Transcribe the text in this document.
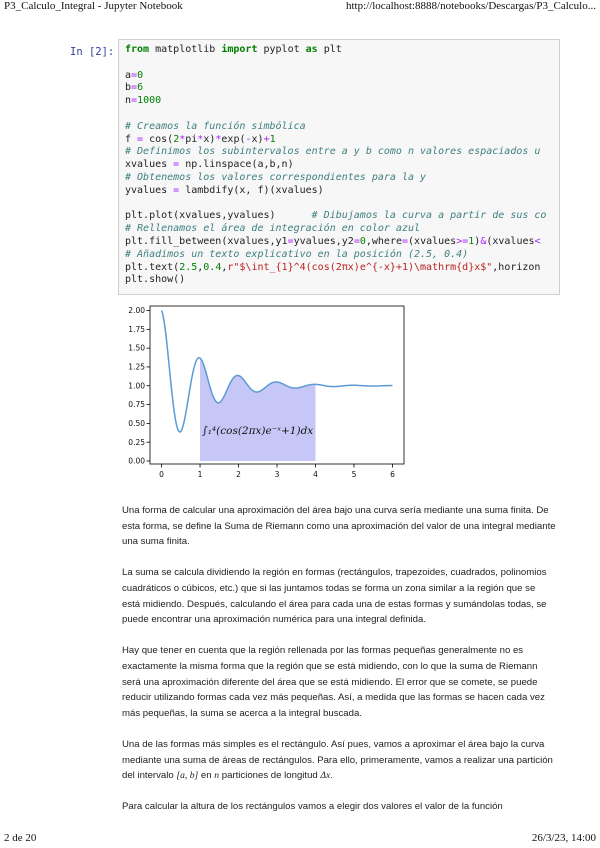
P3_Calculo_Integral - Jupyter Notebook	http://localhost:8888/notebooks/Descargas/P3_Calculo...
In [2]: from matplotlib import pyplot as plt

a=0
b=6
n=1000

# Creamos la función simbólica
f = cos(2*pi*x)*exp(-x)+1
# Definimos los subintervalos entre a y b como n valores espaciados u
xvalues = np.linspace(a,b,n)
# Obtenemos los valores correspondientes para la y
yvalues = lambdify(x, f)(xvalues)

plt.plot(xvalues,yvalues)      # Dibujamos la curva a partir de sus co
# Rellenamos el área de integración en color azul
plt.fill_between(xvalues,y1=yvalues,y2=0,where=(xvalues>=1)&(xvalues<
# Añadimos un texto explicativo en la posición (2.5, 0.4)
plt.text(2.5,0.4,r"$\int_{1}^4(cos(2πx)e^{-x}+1)\mathrm{d}x$",horizon
plt.show()
0	1	2	3	4	5	6
0.00
0.25
0.50
0.75
1.00
1.25
1.50
1.75
2.00
∫₁⁴(cos(2πx)e⁻ˣ+1)dx

Una forma de calcular una aproximación del área bajo una curva sería mediante una suma finita. De esta forma, se define la Suma de Riemann como una aproximación del valor de una integral mediante una suma finita.

La suma se calcula dividiendo la región en formas (rectángulos, trapezoides, cuadrados, polinomios cuadráticos o cúbicos, etc.) que si las juntamos todas se forma un zona similar a la región que se está midiendo. Después, calculando el área para cada una de estas formas y sumándolas todas, se puede encontrar una aproximación numérica para una integral definida.

Hay que tener en cuenta que la región rellenada por las formas pequeñas generalmente no es exactamente la misma forma que la región que se está midiendo, con lo que la suma de Riemann será una aproximación diferente del área que se está midiendo. El error que se comete, se puede reducir utilizando formas cada vez más pequeñas. Así, a medida que las formas se hacen cada vez más pequeñas, la suma se acerca a la integral buscada.

Una de las formas más simples es el rectángulo. Así pues, vamos a aproximar el área bajo la curva mediante una suma de áreas de rectángulos. Para ello, primeramente, vamos a realizar una partición del intervalo [a, b] en n particiones de longitud Δx.

Para calcular la altura de los rectángulos vamos a elegir dos valores el valor de la función

2 de 20	26/3/23, 14:00
